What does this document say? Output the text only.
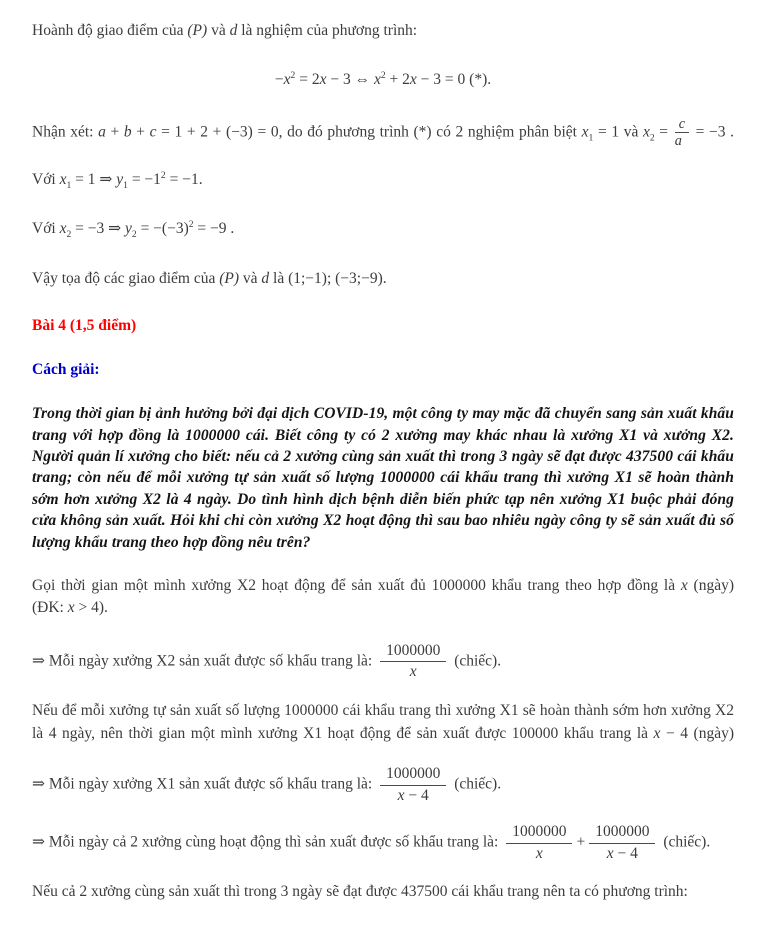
Hoành độ giao điểm của (P) và d là nghiệm của phương trình:

$-x^2 = 2x - 3$ ⇔ $x^2 + 2x - 3 = 0$ (*).

Nhận xét: a + b + c = 1 + 2 + (−3) = 0, do đó phương trình (*) có 2 nghiệm phân biệt $x_1 = 1$ và $x_2 = \frac{c}{a} = -3$ .

Với $x_1 = 1$ ⇒ $y_1 = -1^2 = -1$.

Với $x_2 = -3$ ⇒ $y_2 = -(-3)^2 = -9$ .

Vậy tọa độ các giao điểm của (P) và d là (1;−1); (−3;−9).

Bài 4 (1,5 điểm)

Cách giải:

Trong thời gian bị ảnh hưởng bởi đại dịch COVID-19, một công ty may mặc đã chuyển sang sản xuất khẩu trang với hợp đồng là 1000000 cái. Biết công ty có 2 xưởng may khác nhau là xưởng X1 và xưởng X2. Người quản lí xưởng cho biết: nếu cả 2 xưởng cùng sản xuất thì trong 3 ngày sẽ đạt được 437500 cái khẩu trang; còn nếu để mỗi xưởng tự sản xuất số lượng 1000000 cái khẩu trang thì xưởng X1 sẽ hoàn thành sớm hơn xưởng X2 là 4 ngày. Do tình hình dịch bệnh diễn biến phức tạp nên xưởng X1 buộc phải đóng cửa không sản xuất. Hỏi khi chỉ còn xưởng X2 hoạt động thì sau bao nhiêu ngày công ty sẽ sản xuất đủ số lượng khẩu trang theo hợp đồng nêu trên?

Gọi thời gian một mình xưởng X2 hoạt động để sản xuất đủ 1000000 khẩu trang theo hợp đồng là x (ngày)

(ĐK: x > 4).

⇒ Mỗi ngày xưởng X2 sản xuất được số khẩu trang là: $\frac{1000000}{x}$ (chiếc).

Nếu để mỗi xưởng tự sản xuất số lượng 1000000 cái khẩu trang thì xưởng X1 sẽ hoàn thành sớm hơn xưởng X2 là 4 ngày, nên thời gian một mình xưởng X1 hoạt động để sản xuất được 100000 khẩu trang là x − 4 (ngày)

⇒ Mỗi ngày xưởng X1 sản xuất được số khẩu trang là: $\frac{1000000}{x - 4}$ (chiếc).

⇒ Mỗi ngày cả 2 xưởng cùng hoạt động thì sản xuất được số khẩu trang là: $\frac{1000000}{x} + \frac{1000000}{x - 4}$ (chiếc).

Nếu cả 2 xưởng cùng sản xuất thì trong 3 ngày sẽ đạt được 437500 cái khẩu trang nên ta có phương trình:
